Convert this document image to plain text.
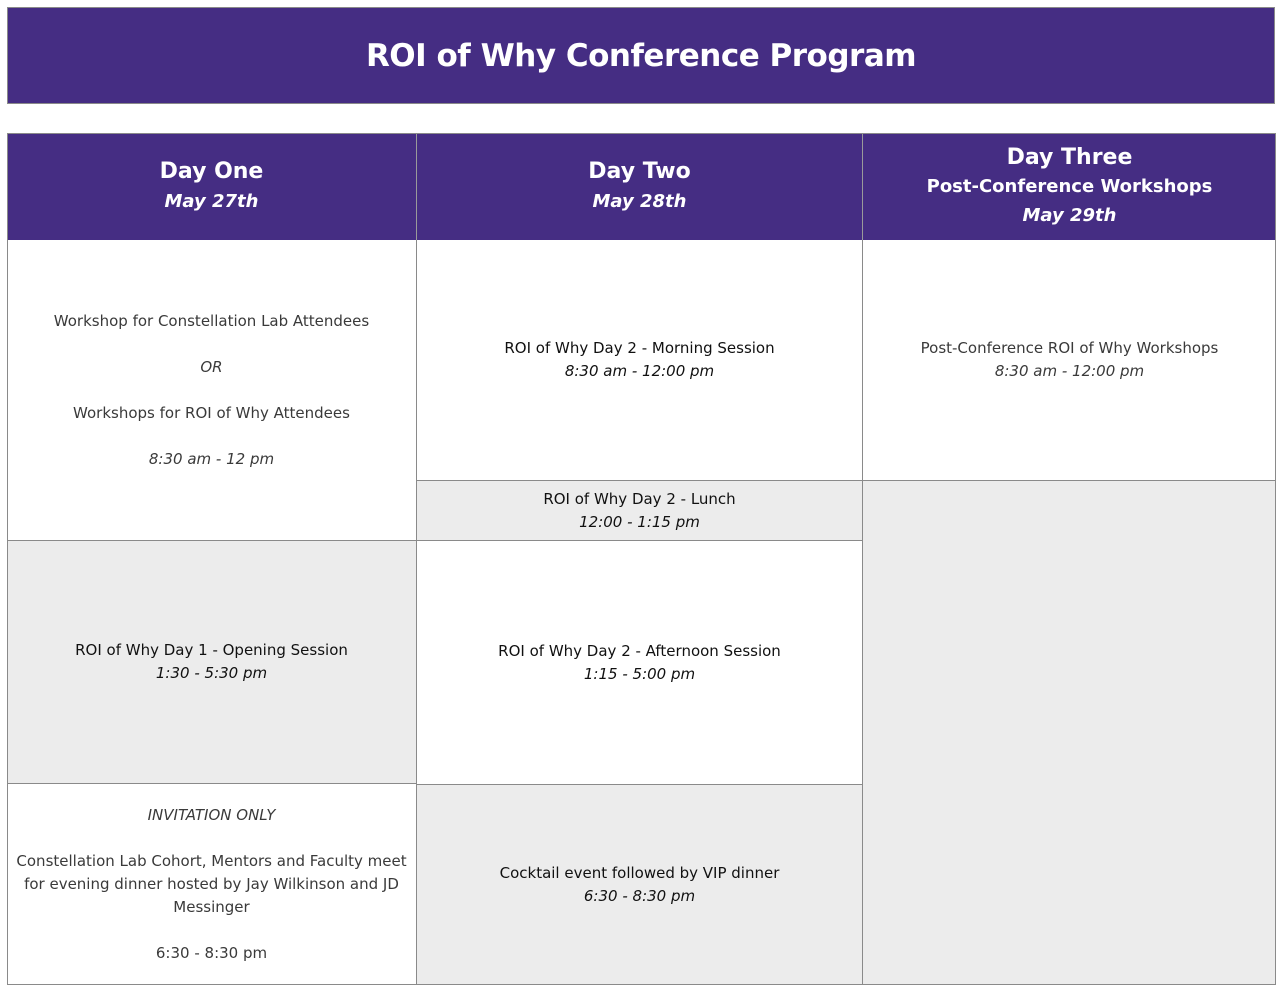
ROI of Why Conference Program
Day One
May 27th
Day Two
May 28th
Day Three
Post-Conference Workshops
May 29th
Workshop for Constellation Lab Attendees
OR
Workshops for ROI of Why Attendees
8:30 am - 12 pm
ROI of Why Day 1 - Opening Session
1:30 - 5:30 pm
INVITATION ONLY
Constellation Lab Cohort, Mentors and Faculty meet for evening dinner hosted by Jay Wilkinson and JD Messinger
6:30 - 8:30 pm
ROI of Why Day 2 - Morning Session
8:30 am - 12:00 pm
ROI of Why Day 2 - Lunch
12:00 - 1:15 pm
ROI of Why Day 2 - Afternoon Session
1:15 - 5:00 pm
Cocktail event followed by VIP dinner
6:30 - 8:30 pm
Post-Conference ROI of Why Workshops
8:30 am - 12:00 pm
